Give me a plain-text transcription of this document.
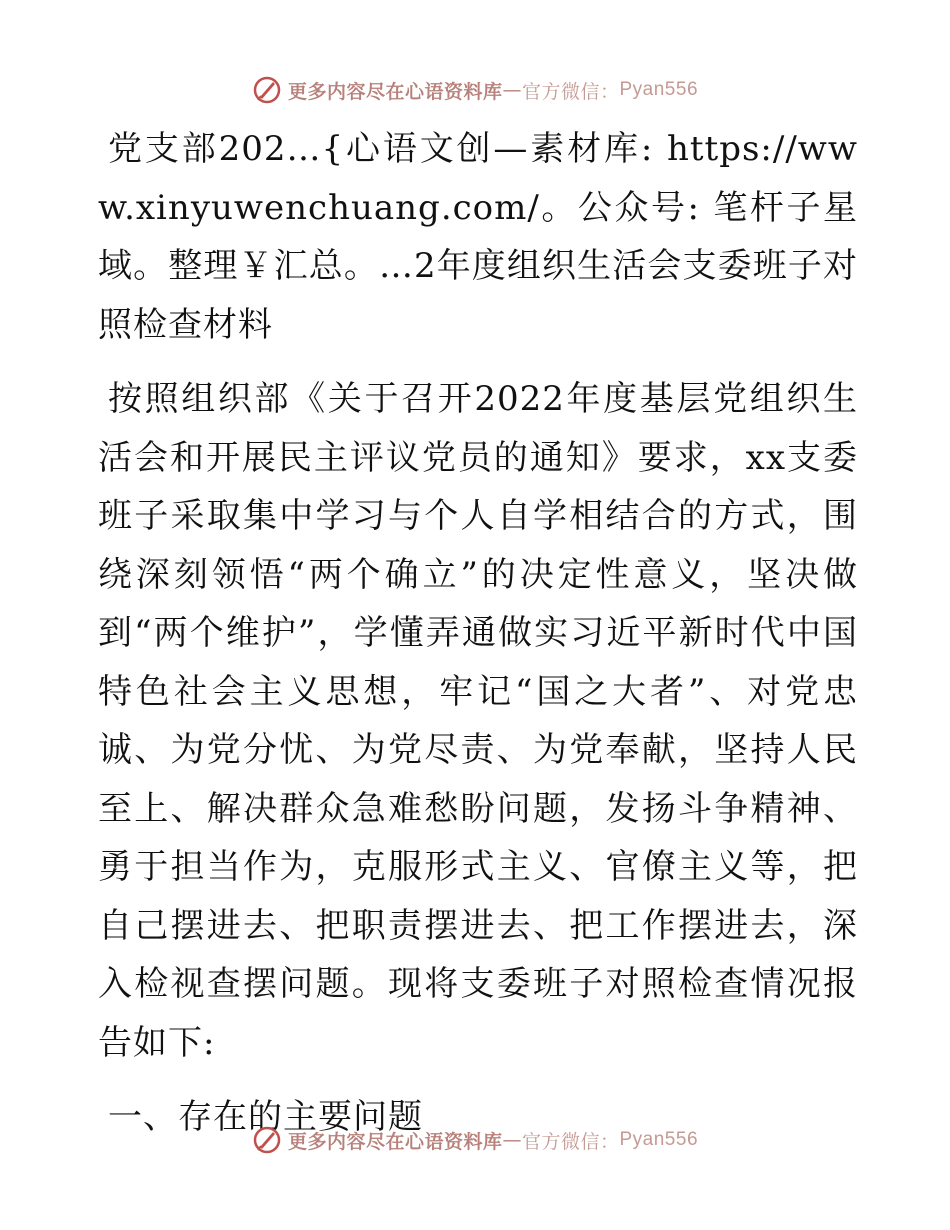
更多内容尽在心语资料库 — 官方微信： Pyan556

党支部202…{心语文创—素材库: https://www.xinyuwenchuang.com/。公众号: 笔杆子星域。整理￥汇总。…2年度组织生活会支委班子对照检查材料

按照组织部《关于召开2022年度基层党组织生活会和开展民主评议党员的通知》要求，xx支委班子采取集中学习与个人自学相结合的方式，围绕深刻领悟“两个确立”的决定性意义，坚决做到“两个维护”，学懂弄通做实习近平新时代中国特色社会主义思想，牢记“国之大者”、对党忠诚、为党分忧、为党尽责、为党奉献，坚持人民至上、解决群众急难愁盼问题，发扬斗争精神、勇于担当作为，克服形式主义、官僚主义等，把自己摆进去、把职责摆进去、把工作摆进去，深入检视查摆问题。现将支委班子对照检查情况报告如下:

一、存在的主要问题

更多内容尽在心语资料库 — 官方微信： Pyan556
